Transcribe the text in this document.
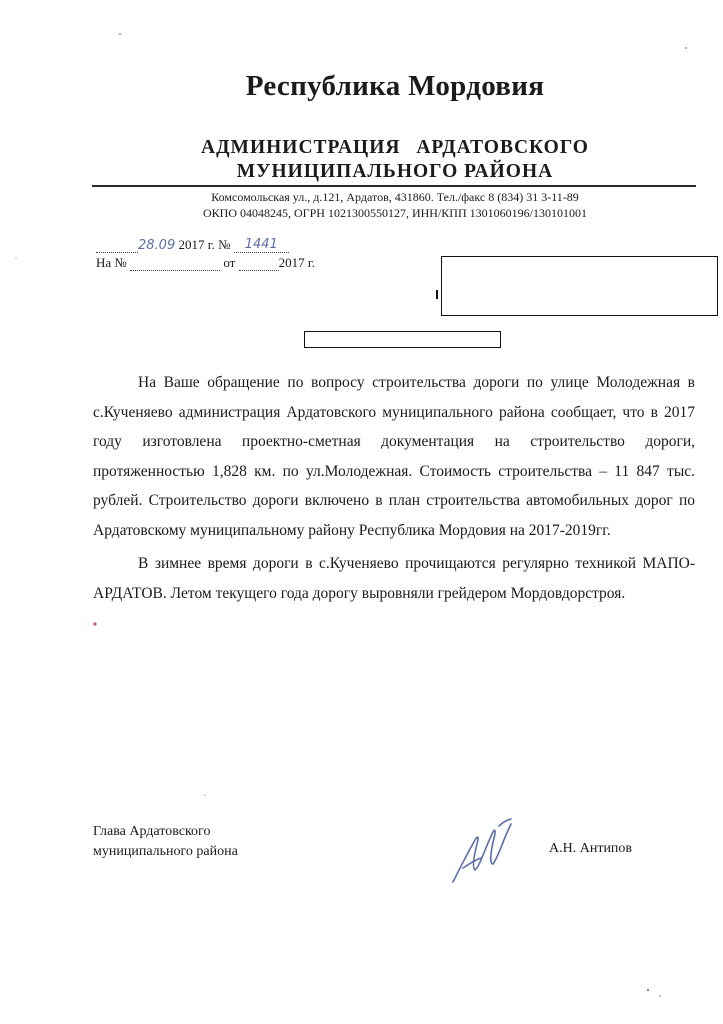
Республика Мордовия
АДМИНИСТРАЦИЯ АРДАТОВСКОГО
МУНИЦИПАЛЬНОГО РАЙОНА
Комсомольская ул., д.121, Ардатов, 431860. Тел./факс 8 (834) 31 3-11-89
ОКПО 04048245, ОГРН 1021300550127, ИНН/КПП 1301060196/130101001
28.09 2017 г. № 1441
На №	от	2017 г.

На Ваше обращение по вопросу строительства дороги по улице Молодежная в с.Кученяево администрация Ардатовского муниципального района сообщает, что в 2017 году изготовлена проектно-сметная документация на строительство дороги, протяженностью 1,828 км. по ул.Молодежная. Стоимость строительства – 11 847 тыс. рублей. Строительство дороги включено в план строительства автомобильных дорог по Ардатовскому муниципальному району Республика Мордовия на 2017-2019гг.

В зимнее время дороги в с.Кученяево прочищаются регулярно техникой МАПО-АРДАТОВ. Летом текущего года дорогу выровняли грейдером Мордовдорстроя.

Глава Ардатовского
муниципального района	А.Н. Антипов
